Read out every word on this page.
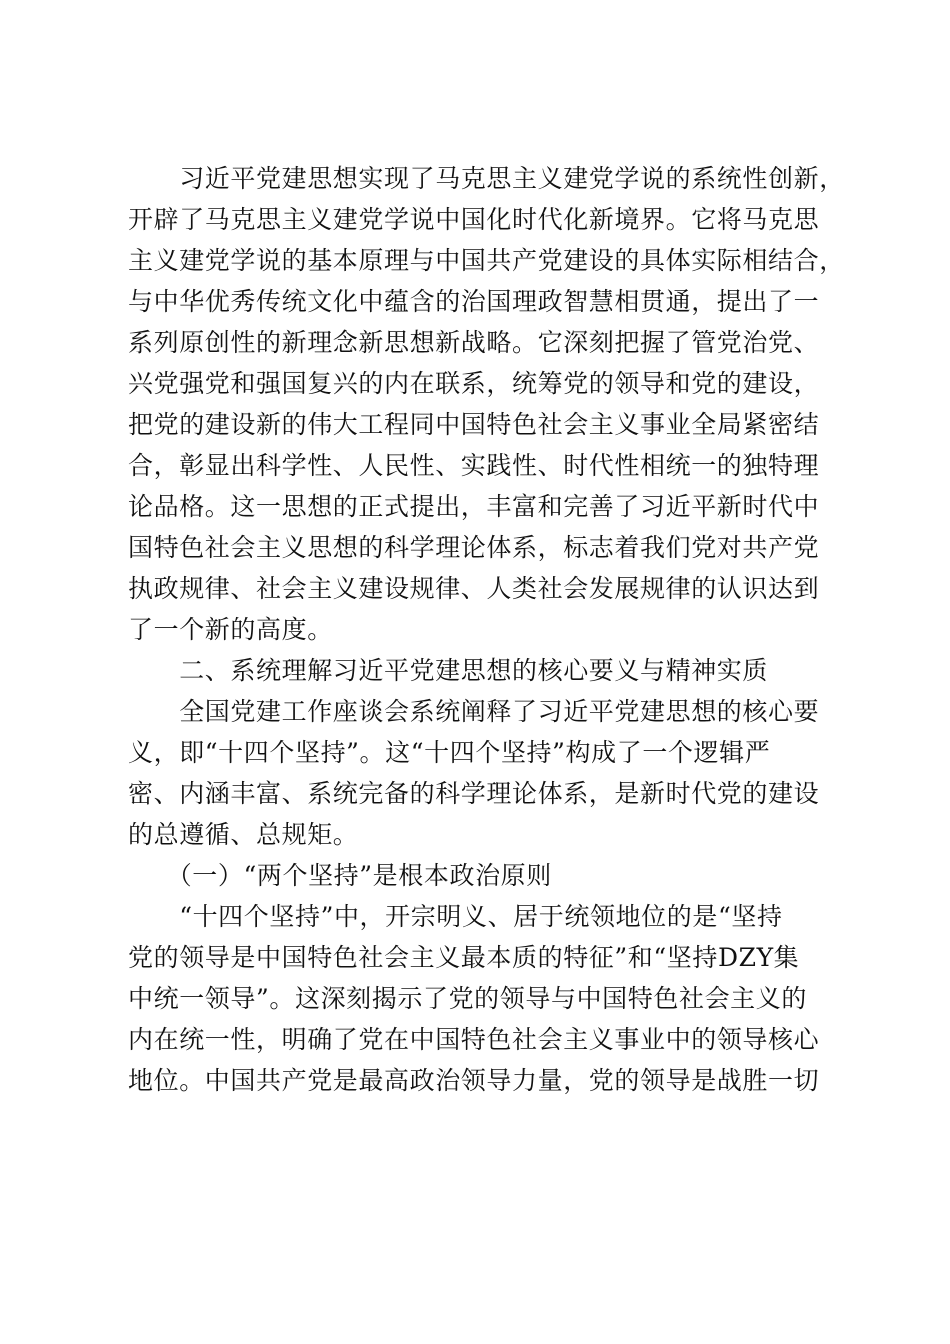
　　习近平党建思想实现了马克思主义建党学说的系统性创新，
开辟了马克思主义建党学说中国化时代化新境界。它将马克思
主义建党学说的基本原理与中国共产党建设的具体实际相结合，
与中华优秀传统文化中蕴含的治国理政智慧相贯通，提出了一
系列原创性的新理念新思想新战略。它深刻把握了管党治党、
兴党强党和强国复兴的内在联系，统筹党的领导和党的建设，
把党的建设新的伟大工程同中国特色社会主义事业全局紧密结
合，彰显出科学性、人民性、实践性、时代性相统一的独特理
论品格。这一思想的正式提出，丰富和完善了习近平新时代中
国特色社会主义思想的科学理论体系，标志着我们党对共产党
执政规律、社会主义建设规律、人类社会发展规律的认识达到
了一个新的高度。
　　二、系统理解习近平党建思想的核心要义与精神实质
　　全国党建工作座谈会系统阐释了习近平党建思想的核心要
义，即“十四个坚持”。这“十四个坚持”构成了一个逻辑严
密、内涵丰富、系统完备的科学理论体系，是新时代党的建设
的总遵循、总规矩。
　　（一）“两个坚持”是根本政治原则
　　“十四个坚持”中，开宗明义、居于统领地位的是“坚持
党的领导是中国特色社会主义最本质的特征”和“坚持DZY集
中统一领导”。这深刻揭示了党的领导与中国特色社会主义的
内在统一性，明确了党在中国特色社会主义事业中的领导核心
地位。中国共产党是最高政治领导力量，党的领导是战胜一切
